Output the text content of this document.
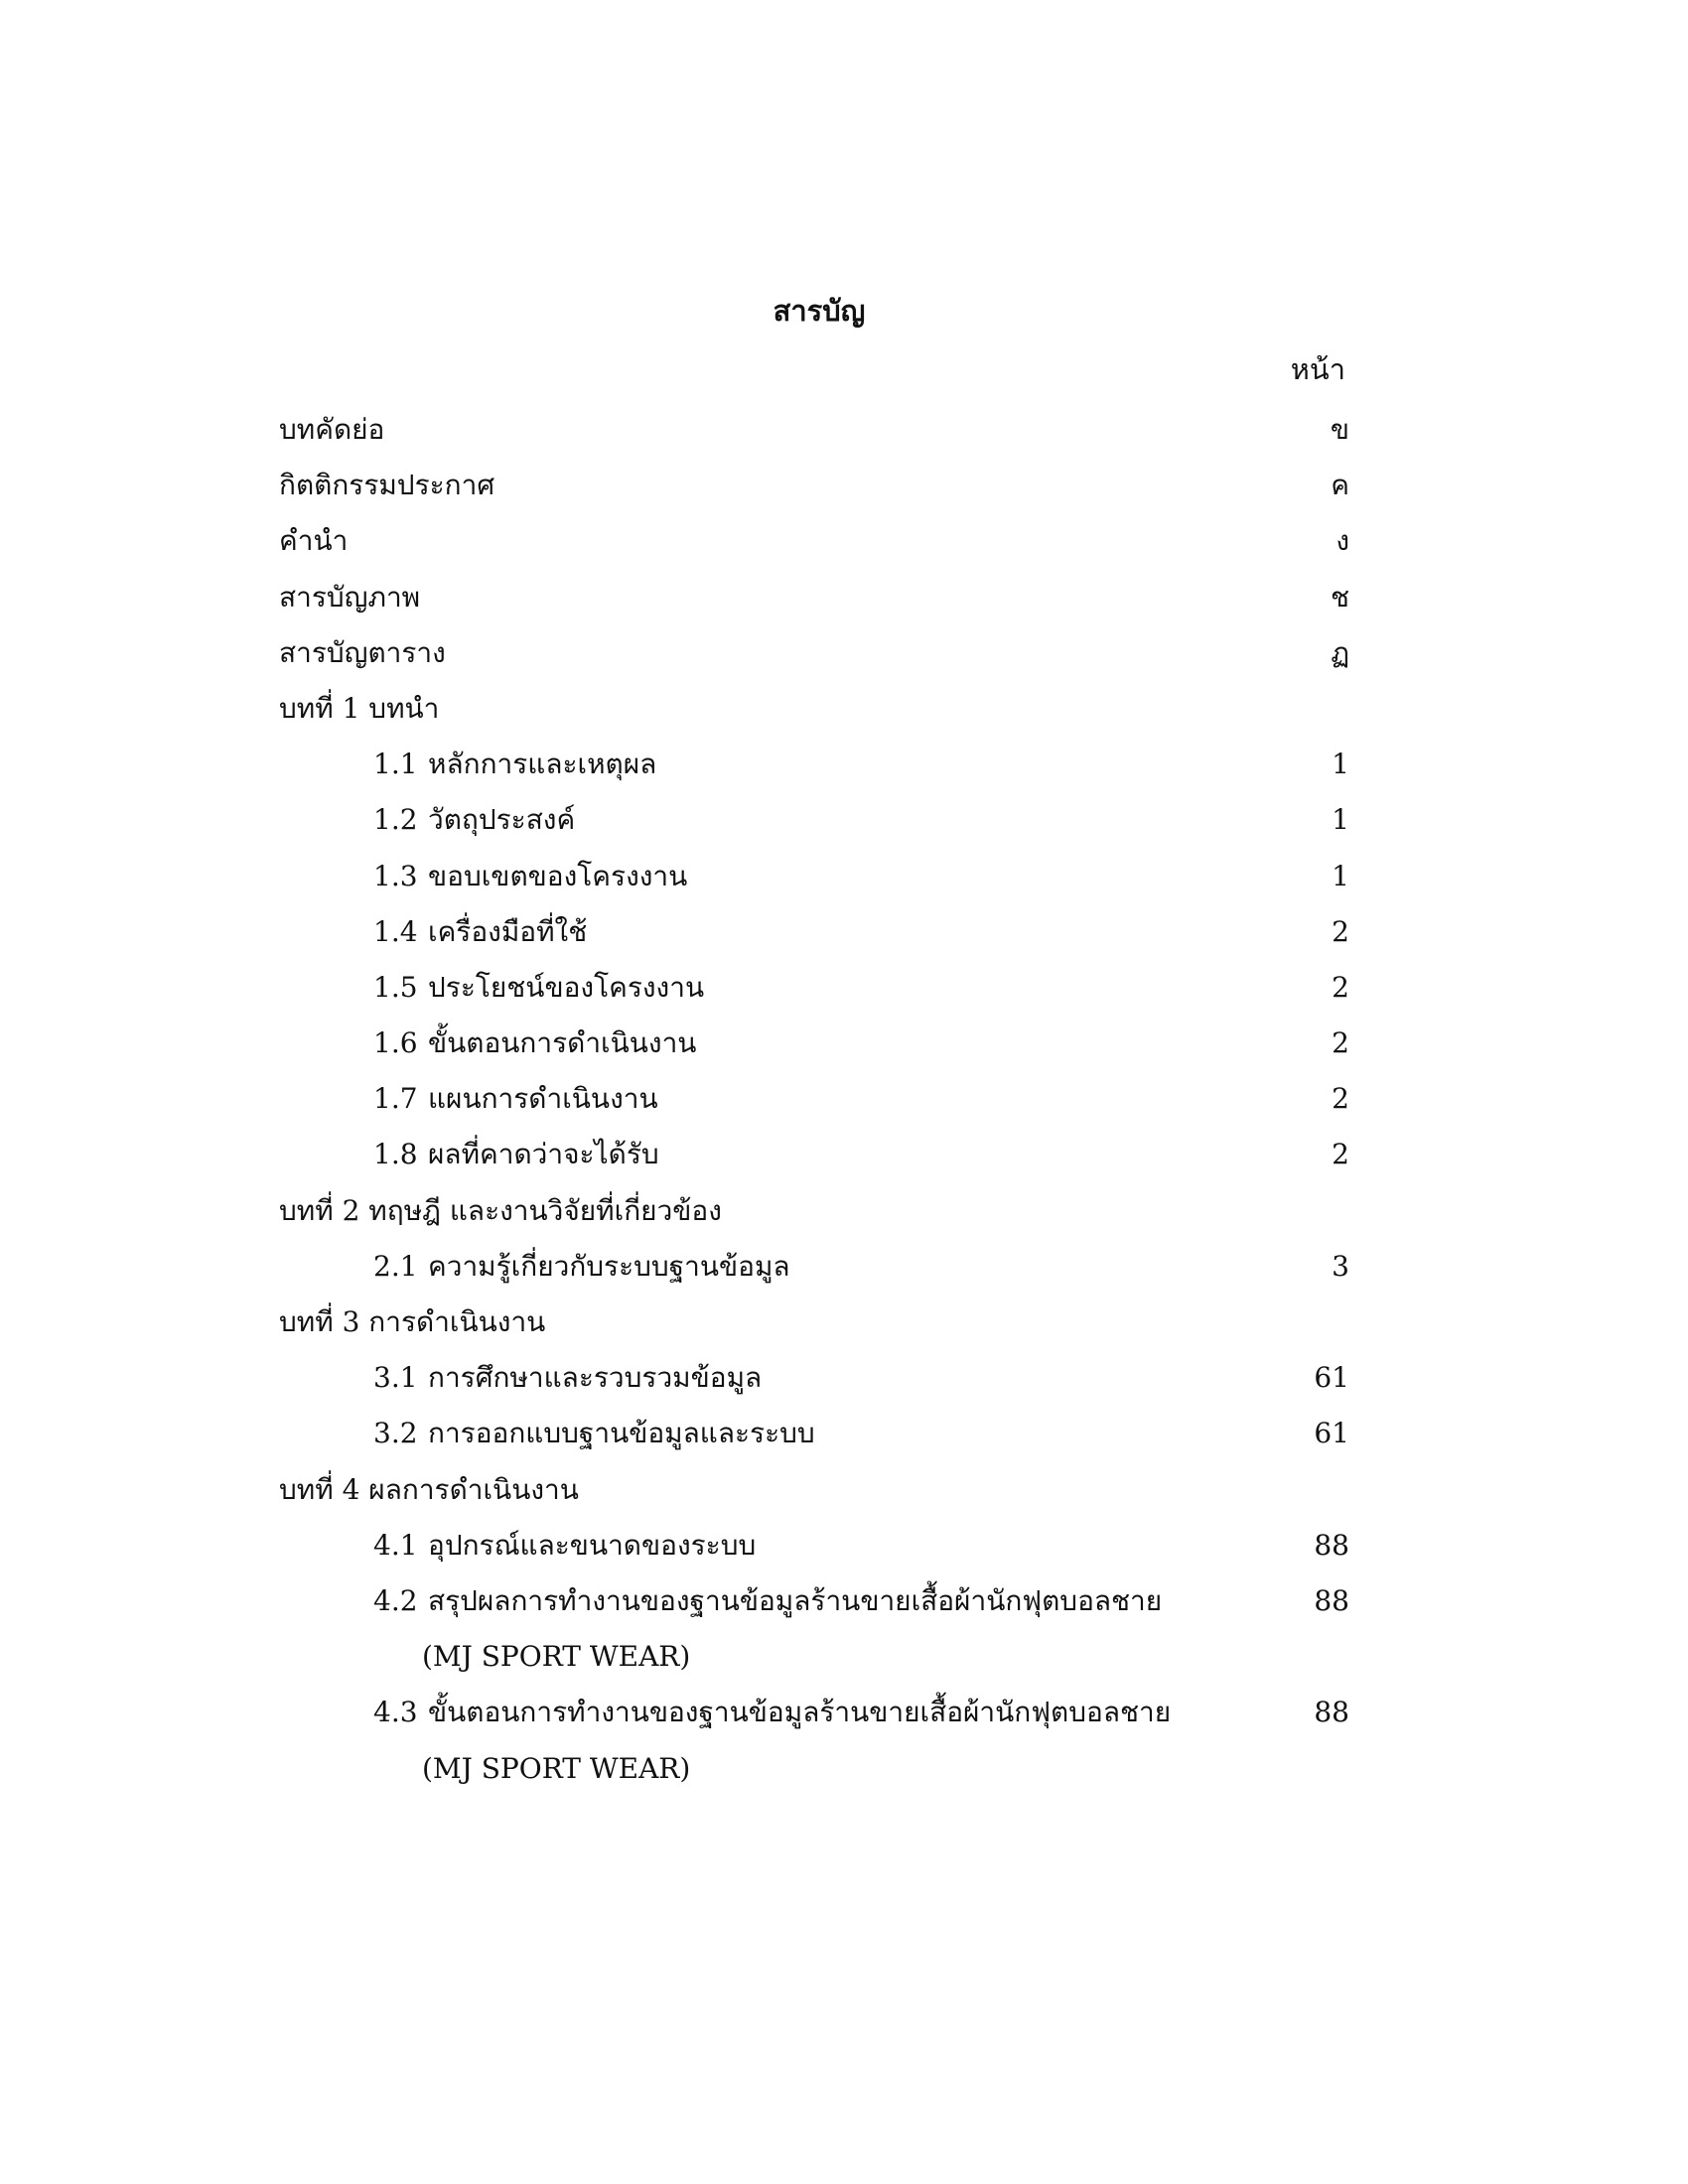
สารบัญ
หน้า
บทคัดย่อ	ข
กิตติกรรมประกาศ	ค
คำนำ	ง
สารบัญภาพ	ช
สารบัญตาราง	ฏ
บทที่ 1 บทนำ
1.1 หลักการและเหตุผล	1
1.2 วัตถุประสงค์	1
1.3 ขอบเขตของโครงงาน	1
1.4 เครื่องมือที่ใช้	2
1.5 ประโยชน์ของโครงงาน	2
1.6 ขั้นตอนการดำเนินงาน	2
1.7 แผนการดำเนินงาน	2
1.8 ผลที่คาดว่าจะได้รับ	2
บทที่ 2 ทฤษฎี และงานวิจัยที่เกี่ยวข้อง
2.1 ความรู้เกี่ยวกับระบบฐานข้อมูล	3
บทที่ 3 การดำเนินงาน
3.1 การศึกษาและรวบรวมข้อมูล	61
3.2 การออกแบบฐานข้อมูลและระบบ	61
บทที่ 4 ผลการดำเนินงาน
4.1 อุปกรณ์และขนาดของระบบ	88
4.2 สรุปผลการทำงานของฐานข้อมูลร้านขายเสื้อผ้านักฟุตบอลชาย	88
(MJ SPORT WEAR)
4.3 ขั้นตอนการทำงานของฐานข้อมูลร้านขายเสื้อผ้านักฟุตบอลชาย	88
(MJ SPORT WEAR)
